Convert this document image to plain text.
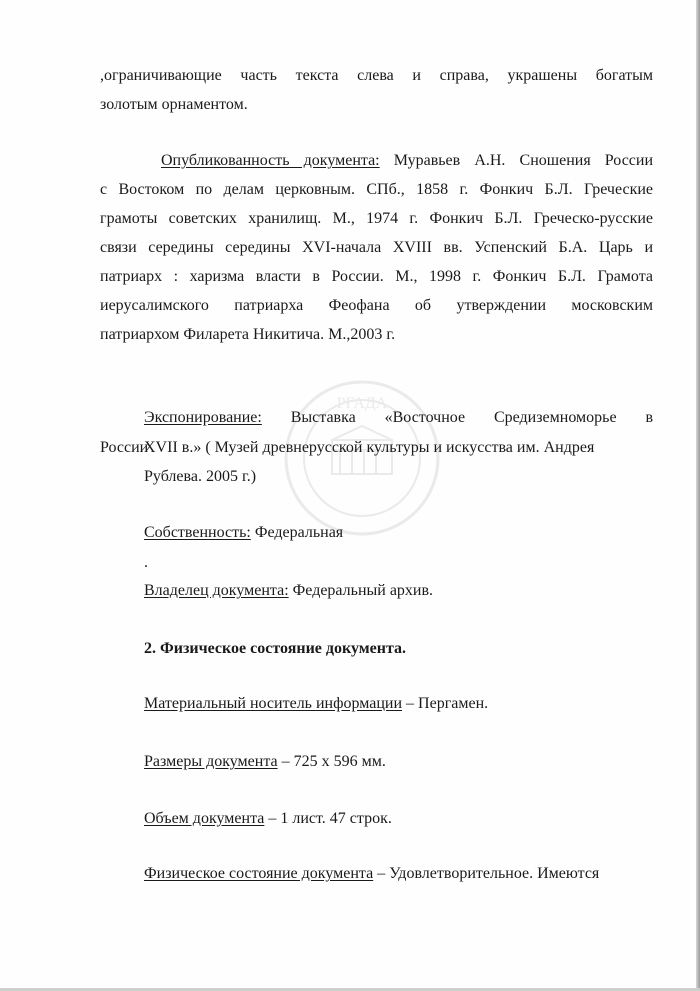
РГАДА
,ограничивающие часть текста слева и справа, украшены богатым
золотым орнаментом.
Опубликованность документа: Муравьев А.Н. Сношения России
с Востоком по делам церковным. СПб., 1858 г. Фонкич Б.Л. Греческие
грамоты советских хранилищ. М., 1974 г. Фонкич Б.Л. Греческо-русские
связи середины середины XVI-начала XVIII вв. Успенский Б.А. Царь и
патриарх : харизма власти в России. М., 1998 г. Фонкич Б.Л. Грамота
иерусалимского патриарха Феофана об утверждении московским
патриархом Филарета Никитича. М.,2003 г.
Экспонирование: Выставка «Восточное Средиземноморье в
России
XVII в.» ( Музей древнерусской культуры и искусства им. Андрея
Рублева. 2005 г.)
Собственность: Федеральная
.
Владелец документа: Федеральный архив.
2. Физическое состояние документа.
Материальный носитель информации – Пергамен.
Размеры документа – 725 х 596 мм.
Объем документа – 1 лист. 47 строк.
Физическое состояние документа – Удовлетворительное. Имеются
